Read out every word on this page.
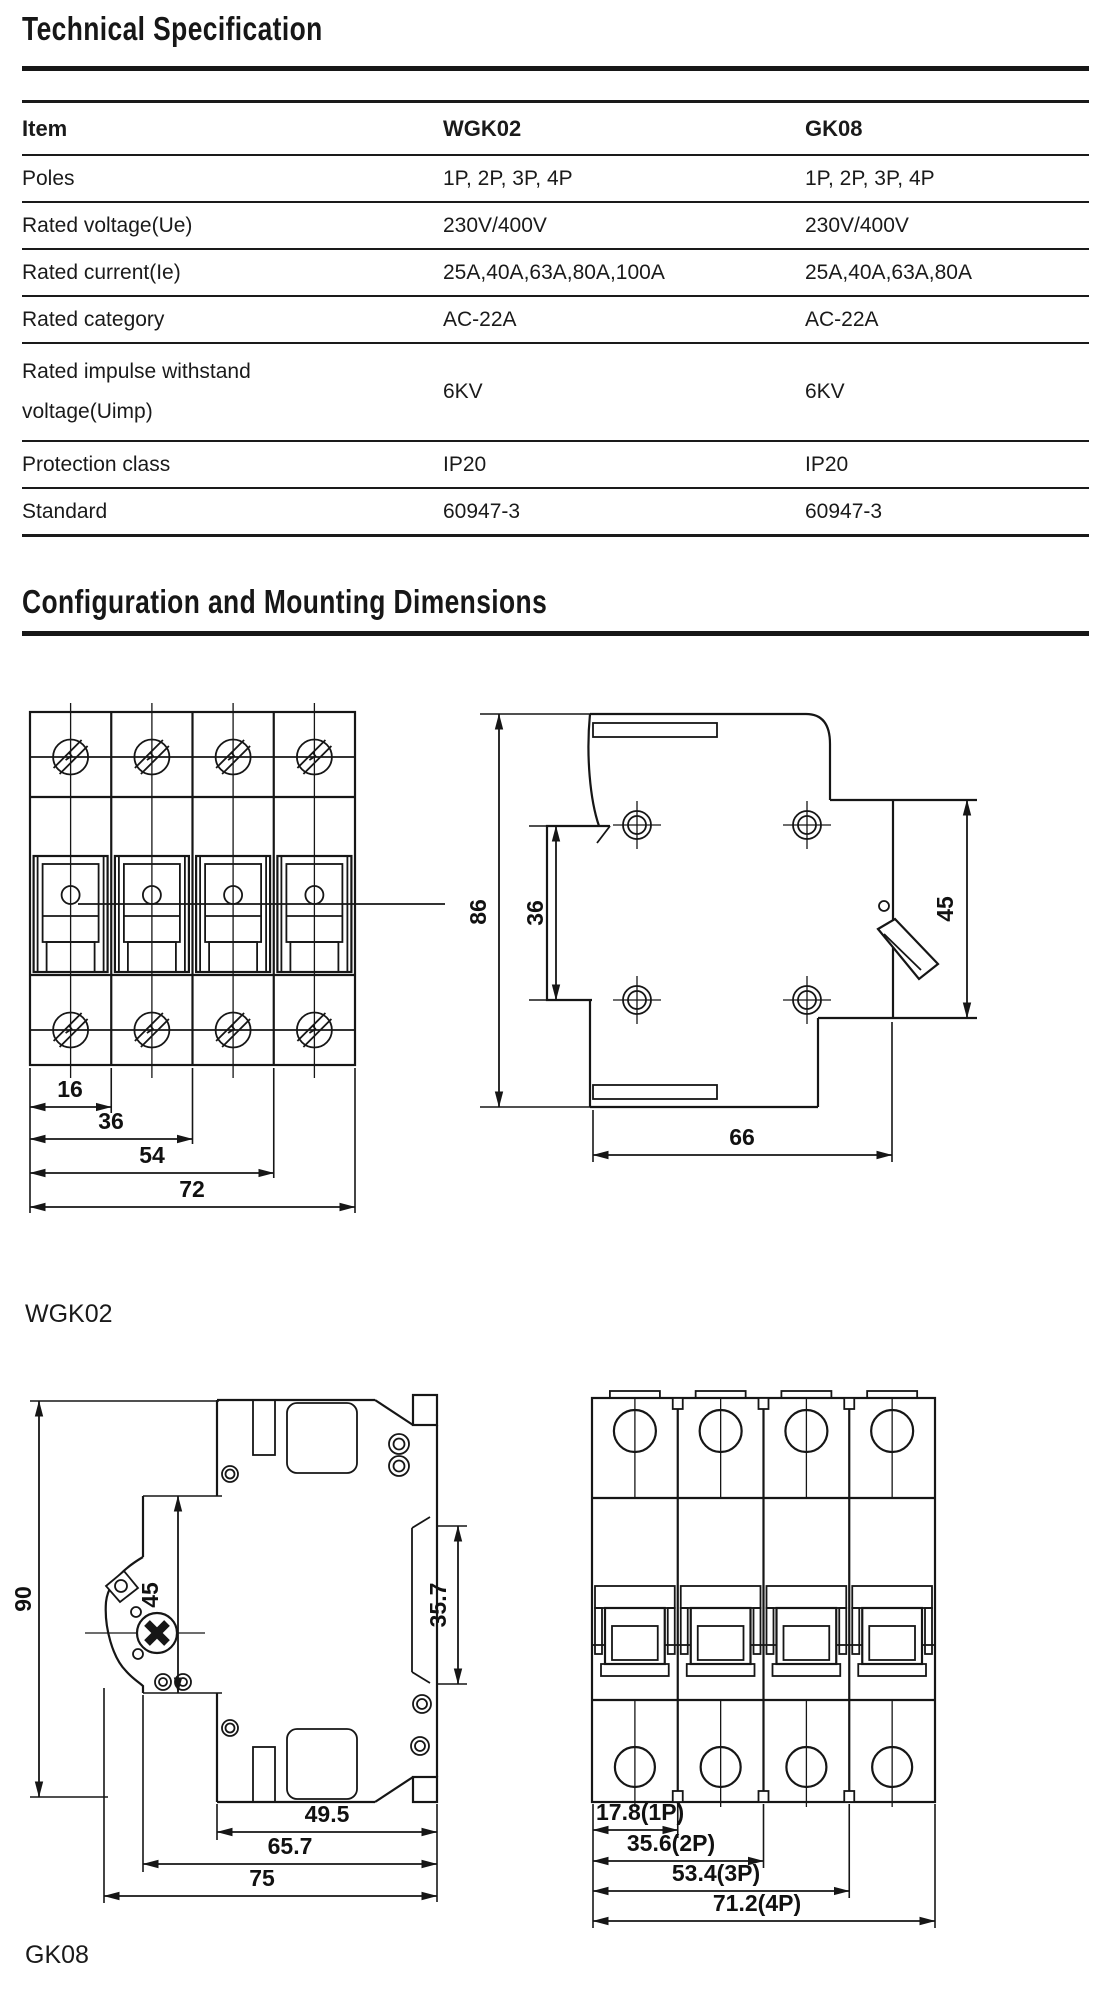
Technical Specification
Item	WGK02	GK08
Poles	1P, 2P, 3P, 4P	1P, 2P, 3P, 4P
Rated voltage(Ue)	230V/400V	230V/400V
Rated current(Ie)	25A,40A,63A,80A,100A	25A,40A,63A,80A
Rated category	AC-22A	AC-22A
Rated impulse withstand voltage(Uimp)	6KV	6KV
Protection class	IP20	IP20
Standard	60947-3	60947-3
Configuration and Mounting Dimensions
16
36
54
72
86 36	45
66
WGK02
90	45	35.7
49.5
65.7
75
17.8(1P)
35.6(2P)
53.4(3P)
71.2(4P)
GK08
